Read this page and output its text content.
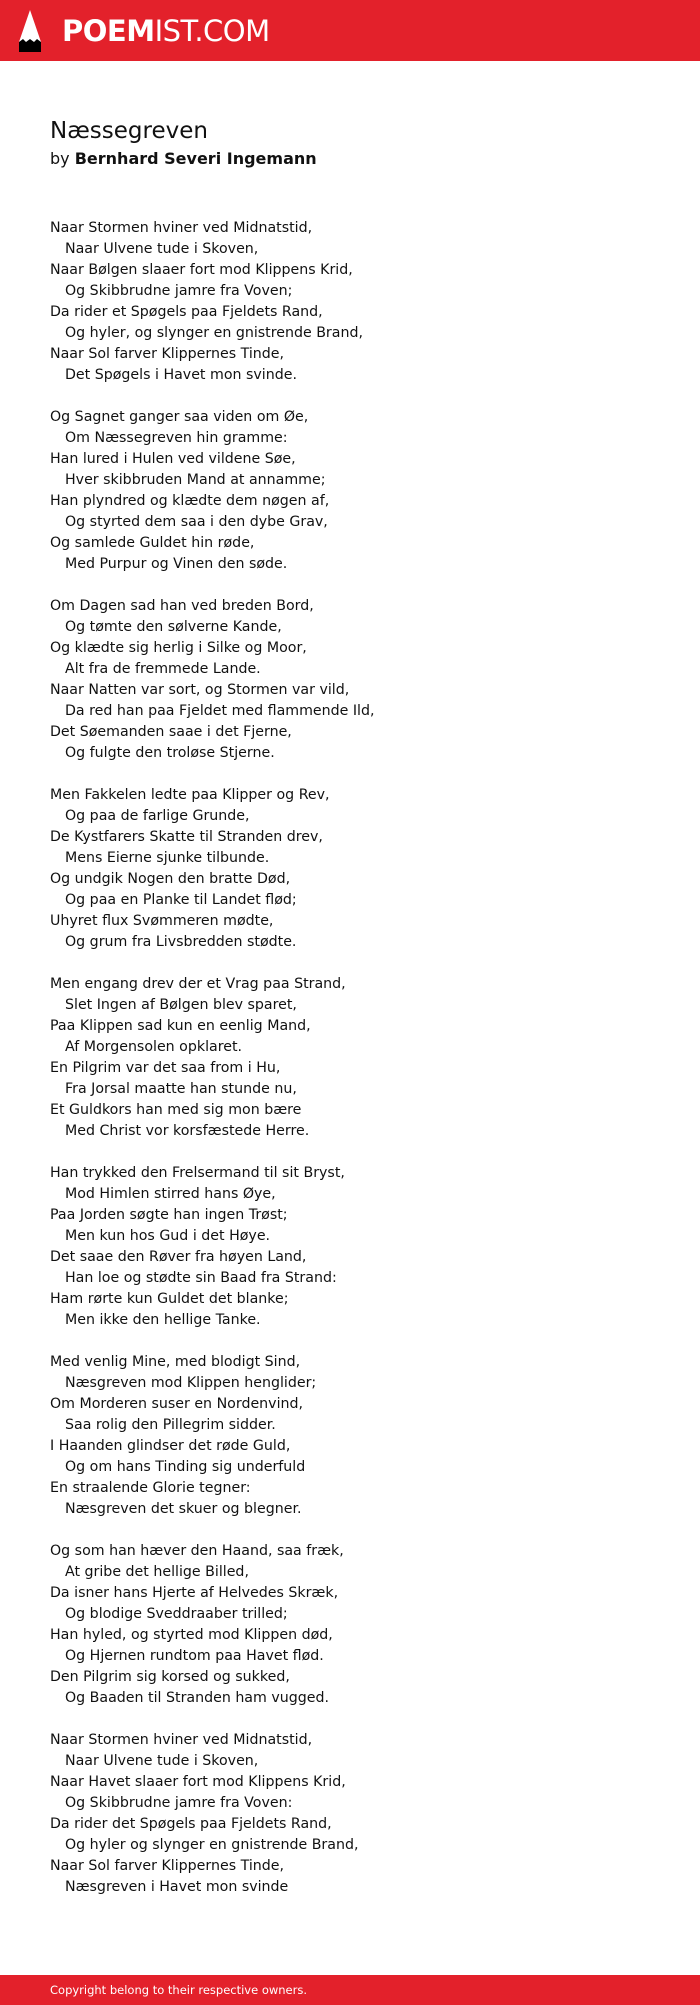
POEMIST.COM
Næssegreven
by Bernhard Severi Ingemann
Naar Stormen hviner ved Midnatstid,
Naar Ulvene tude i Skoven,
Naar Bølgen slaaer fort mod Klippens Krid,
Og Skibbrudne jamre fra Voven;
Da rider et Spøgels paa Fjeldets Rand,
Og hyler, og slynger en gnistrende Brand,
Naar Sol farver Klippernes Tinde,
Det Spøgels i Havet mon svinde.
Og Sagnet ganger saa viden om Øe,
Om Næssegreven hin gramme:
Han lured i Hulen ved vildene Søe,
Hver skibbruden Mand at annamme;
Han plyndred og klædte dem nøgen af,
Og styrted dem saa i den dybe Grav,
Og samlede Guldet hin røde,
Med Purpur og Vinen den søde.
Om Dagen sad han ved breden Bord,
Og tømte den sølverne Kande,
Og klædte sig herlig i Silke og Moor,
Alt fra de fremmede Lande.
Naar Natten var sort, og Stormen var vild,
Da red han paa Fjeldet med flammende Ild,
Det Søemanden saae i det Fjerne,
Og fulgte den troløse Stjerne.
Men Fakkelen ledte paa Klipper og Rev,
Og paa de farlige Grunde,
De Kystfarers Skatte til Stranden drev,
Mens Eierne sjunke tilbunde.
Og undgik Nogen den bratte Død,
Og paa en Planke til Landet flød;
Uhyret flux Svømmeren mødte,
Og grum fra Livsbredden stødte.
Men engang drev der et Vrag paa Strand,
Slet Ingen af Bølgen blev sparet,
Paa Klippen sad kun en eenlig Mand,
Af Morgensolen opklaret.
En Pilgrim var det saa from i Hu,
Fra Jorsal maatte han stunde nu,
Et Guldkors han med sig mon bære
Med Christ vor korsfæstede Herre.
Han trykked den Frelsermand til sit Bryst,
Mod Himlen stirred hans Øye,
Paa Jorden søgte han ingen Trøst;
Men kun hos Gud i det Høye.
Det saae den Røver fra høyen Land,
Han loe og stødte sin Baad fra Strand:
Ham rørte kun Guldet det blanke;
Men ikke den hellige Tanke.
Med venlig Mine, med blodigt Sind,
Næsgreven mod Klippen henglider;
Om Morderen suser en Nordenvind,
Saa rolig den Pillegrim sidder.
I Haanden glindser det røde Guld,
Og om hans Tinding sig underfuld
En straalende Glorie tegner:
Næsgreven det skuer og blegner.
Og som han hæver den Haand, saa fræk,
At gribe det hellige Billed,
Da isner hans Hjerte af Helvedes Skræk,
Og blodige Sveddraaber trilled;
Han hyled, og styrted mod Klippen død,
Og Hjernen rundtom paa Havet flød.
Den Pilgrim sig korsed og sukked,
Og Baaden til Stranden ham vugged.
Naar Stormen hviner ved Midnatstid,
Naar Ulvene tude i Skoven,
Naar Havet slaaer fort mod Klippens Krid,
Og Skibbrudne jamre fra Voven:
Da rider det Spøgels paa Fjeldets Rand,
Og hyler og slynger en gnistrende Brand,
Naar Sol farver Klippernes Tinde,
Næsgreven i Havet mon svinde
Copyright belong to their respective owners.
